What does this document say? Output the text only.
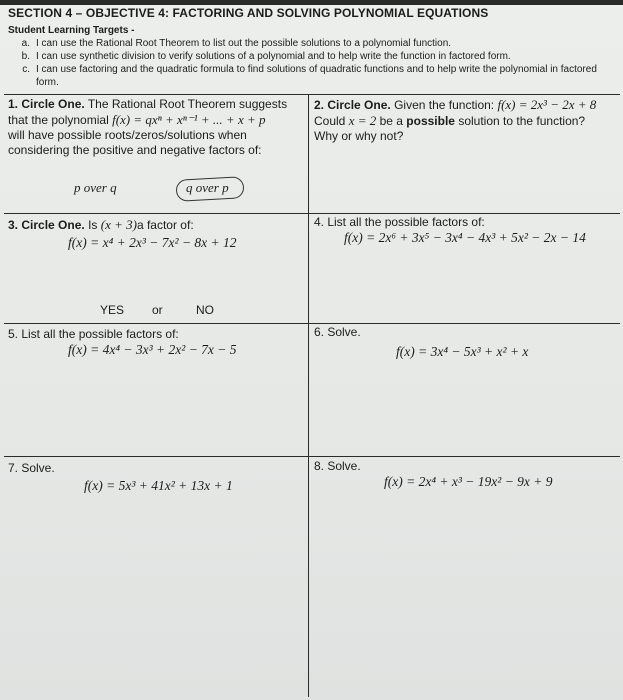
SECTION 4 – OBJECTIVE 4: FACTORING AND SOLVING POLYNOMIAL EQUATIONS
Student Learning Targets -
a. I can use the Rational Root Theorem to list out the possible solutions to a polynomial function.
b. I can use synthetic division to verify solutions of a polynomial and to help write the function in factored form.
c. I can use factoring and the quadratic formula to find solutions of quadratic functions and to help write the polynomial in factored form.
1. Circle One. The Rational Root Theorem suggests
that the polynomial f(x) = qxⁿ + xⁿ⁻¹ + ... + x + p
will have possible roots/zeros/solutions when
considering the positive and negative factors of:
p over q	q over p
2. Circle One. Given the function: f(x) = 2x³ − 2x + 8
Could x = 2 be a possible solution to the function?
Why or why not?
3. Circle One. Is (x + 3)a factor of:
f(x) = x⁴ + 2x³ − 7x² − 8x + 12
YES or	NO
4. List all the possible factors of:
f(x) = 2x⁶ + 3x⁵ − 3x⁴ − 4x³ + 5x² − 2x − 14
5. List all the possible factors of:
f(x) = 4x⁴ − 3x³ + 2x² − 7x − 5
6. Solve.
f(x) = 3x⁴ − 5x³ + x² + x
7. Solve.
f(x) = 5x³ + 41x² + 13x + 1
8. Solve.
f(x) = 2x⁴ + x³ − 19x² − 9x + 9
